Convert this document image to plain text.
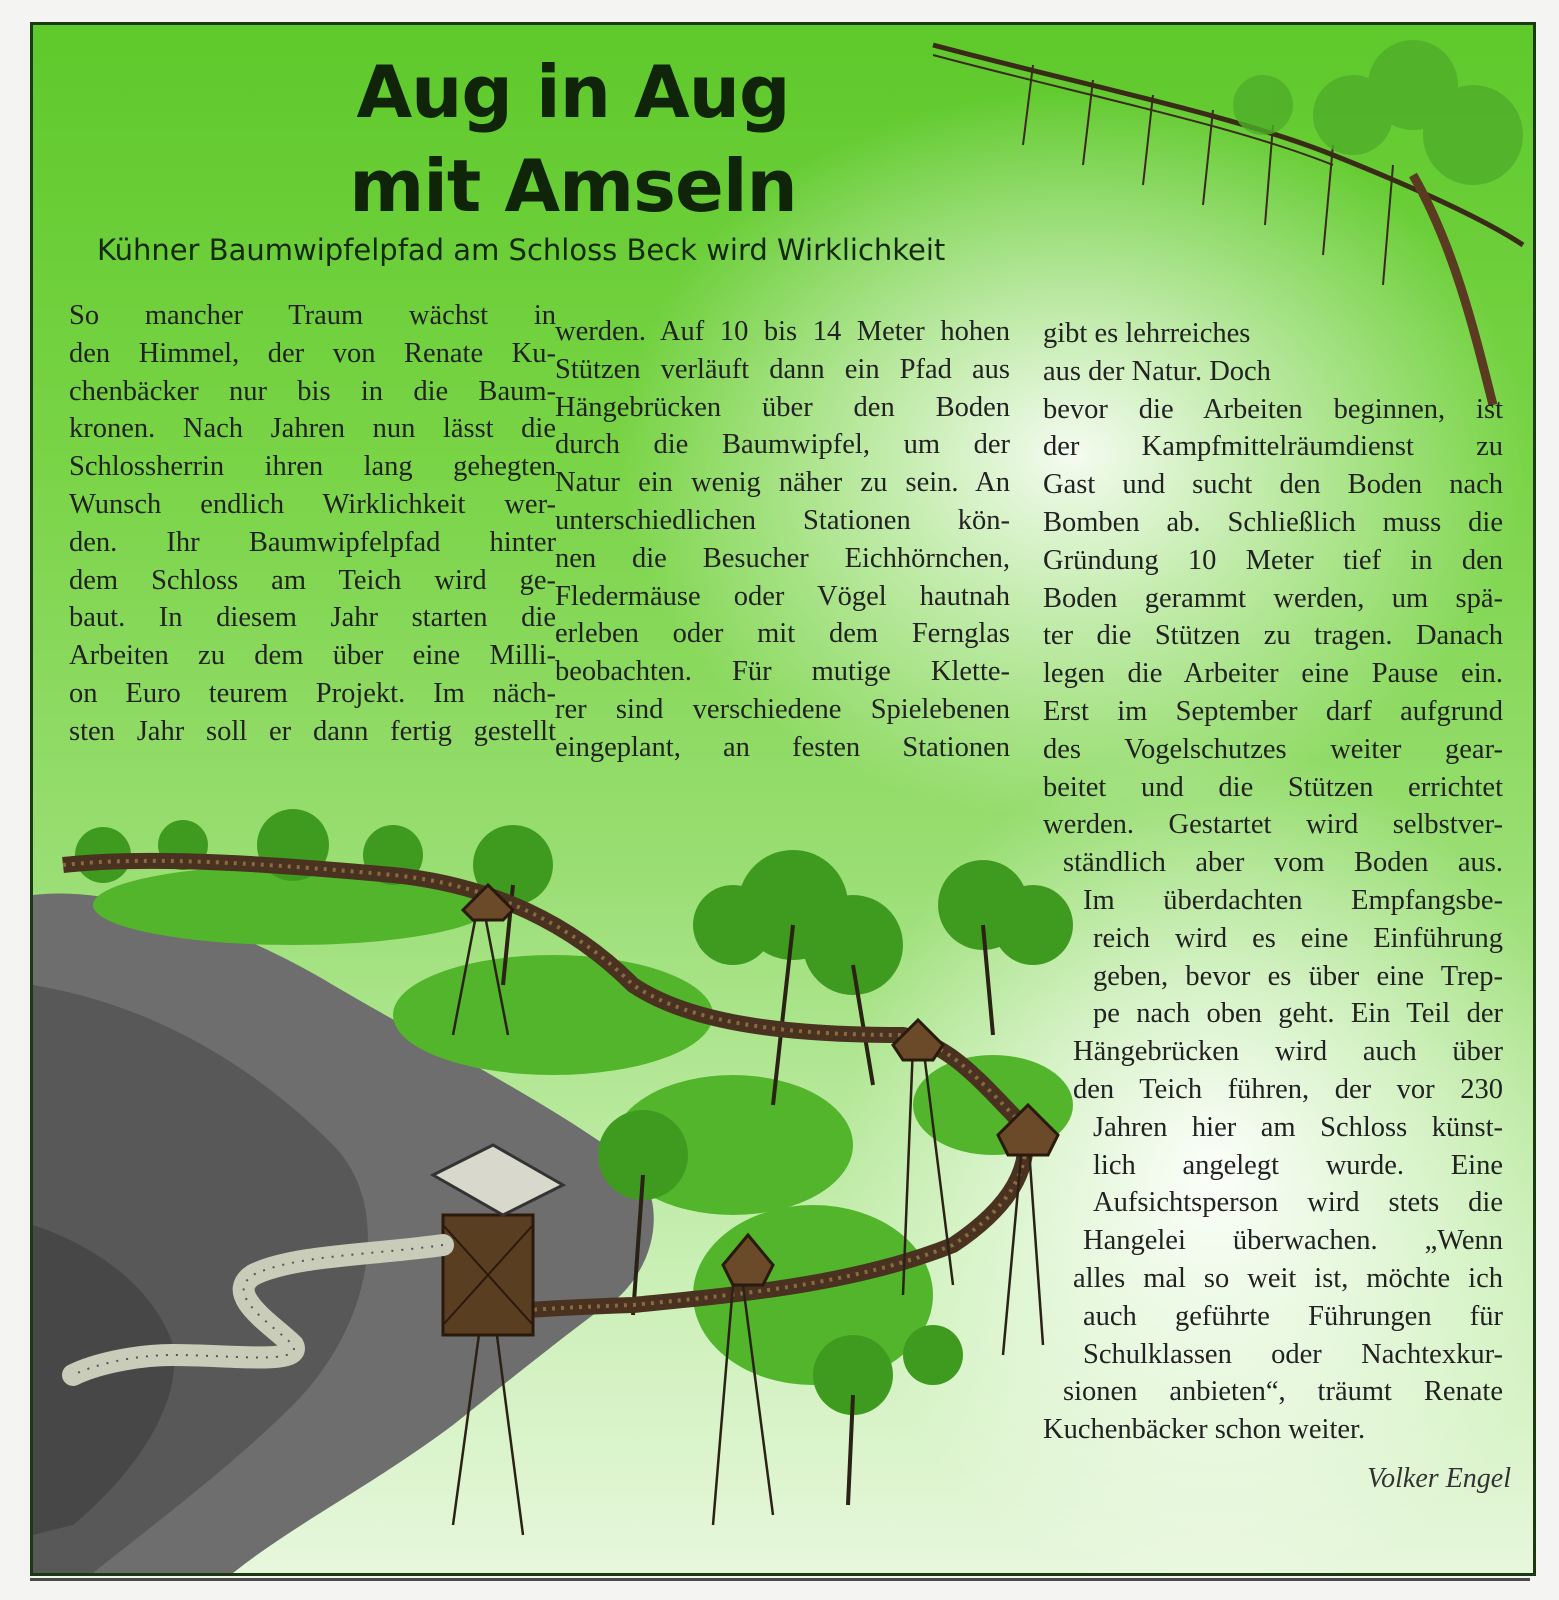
Aug in Aug
mit Amseln
Kühner Baumwipfelpfad am Schloss Beck wird Wirklichkeit
So mancher Traum wächst in
den Himmel, der von Renate Ku-
chenbäcker nur bis in die Baum-
kronen. Nach Jahren nun lässt die
Schlossherrin ihren lang gehegten
Wunsch endlich Wirklichkeit wer-
den. Ihr Baumwipfelpfad hinter
dem Schloss am Teich wird ge-
baut. In diesem Jahr starten die
Arbeiten zu dem über eine Milli-
on Euro teurem Projekt. Im näch-
sten Jahr soll er dann fertig gestellt
werden. Auf 10 bis 14 Meter hohen
Stützen verläuft dann ein Pfad aus
Hängebrücken über den Boden
durch die Baumwipfel, um der
Natur ein wenig näher zu sein. An
unterschiedlichen Stationen kön-
nen die Besucher Eichhörnchen,
Fledermäuse oder Vögel hautnah
erleben oder mit dem Fernglas
beobachten. Für mutige Klette-
rer sind verschiedene Spielebenen
eingeplant, an festen Stationen
gibt es lehrreiches
aus der Natur. Doch
bevor die Arbeiten beginnen, ist
der Kampfmittelräumdienst zu
Gast und sucht den Boden nach
Bomben ab. Schließlich muss die
Gründung 10 Meter tief in den
Boden gerammt werden, um spä-
ter die Stützen zu tragen. Danach
legen die Arbeiter eine Pause ein.
Erst im September darf aufgrund
des Vogelschutzes weiter gear-
beitet und die Stützen errichtet
werden. Gestartet wird selbstver-
ständlich aber vom Boden aus.
Im überdachten Empfangsbe-
reich wird es eine Einführung
geben, bevor es über eine Trep-
pe nach oben geht. Ein Teil der
Hängebrücken wird auch über
den Teich führen, der vor 230
Jahren hier am Schloss künst-
lich angelegt wurde. Eine
Aufsichtsperson wird stets die
Hangelei überwachen. „Wenn
alles mal so weit ist, möchte ich
auch geführte Führungen für
Schulklassen oder Nachtexkur-
sionen anbieten“, träumt Renate
Kuchenbäcker schon weiter.
Volker Engel
